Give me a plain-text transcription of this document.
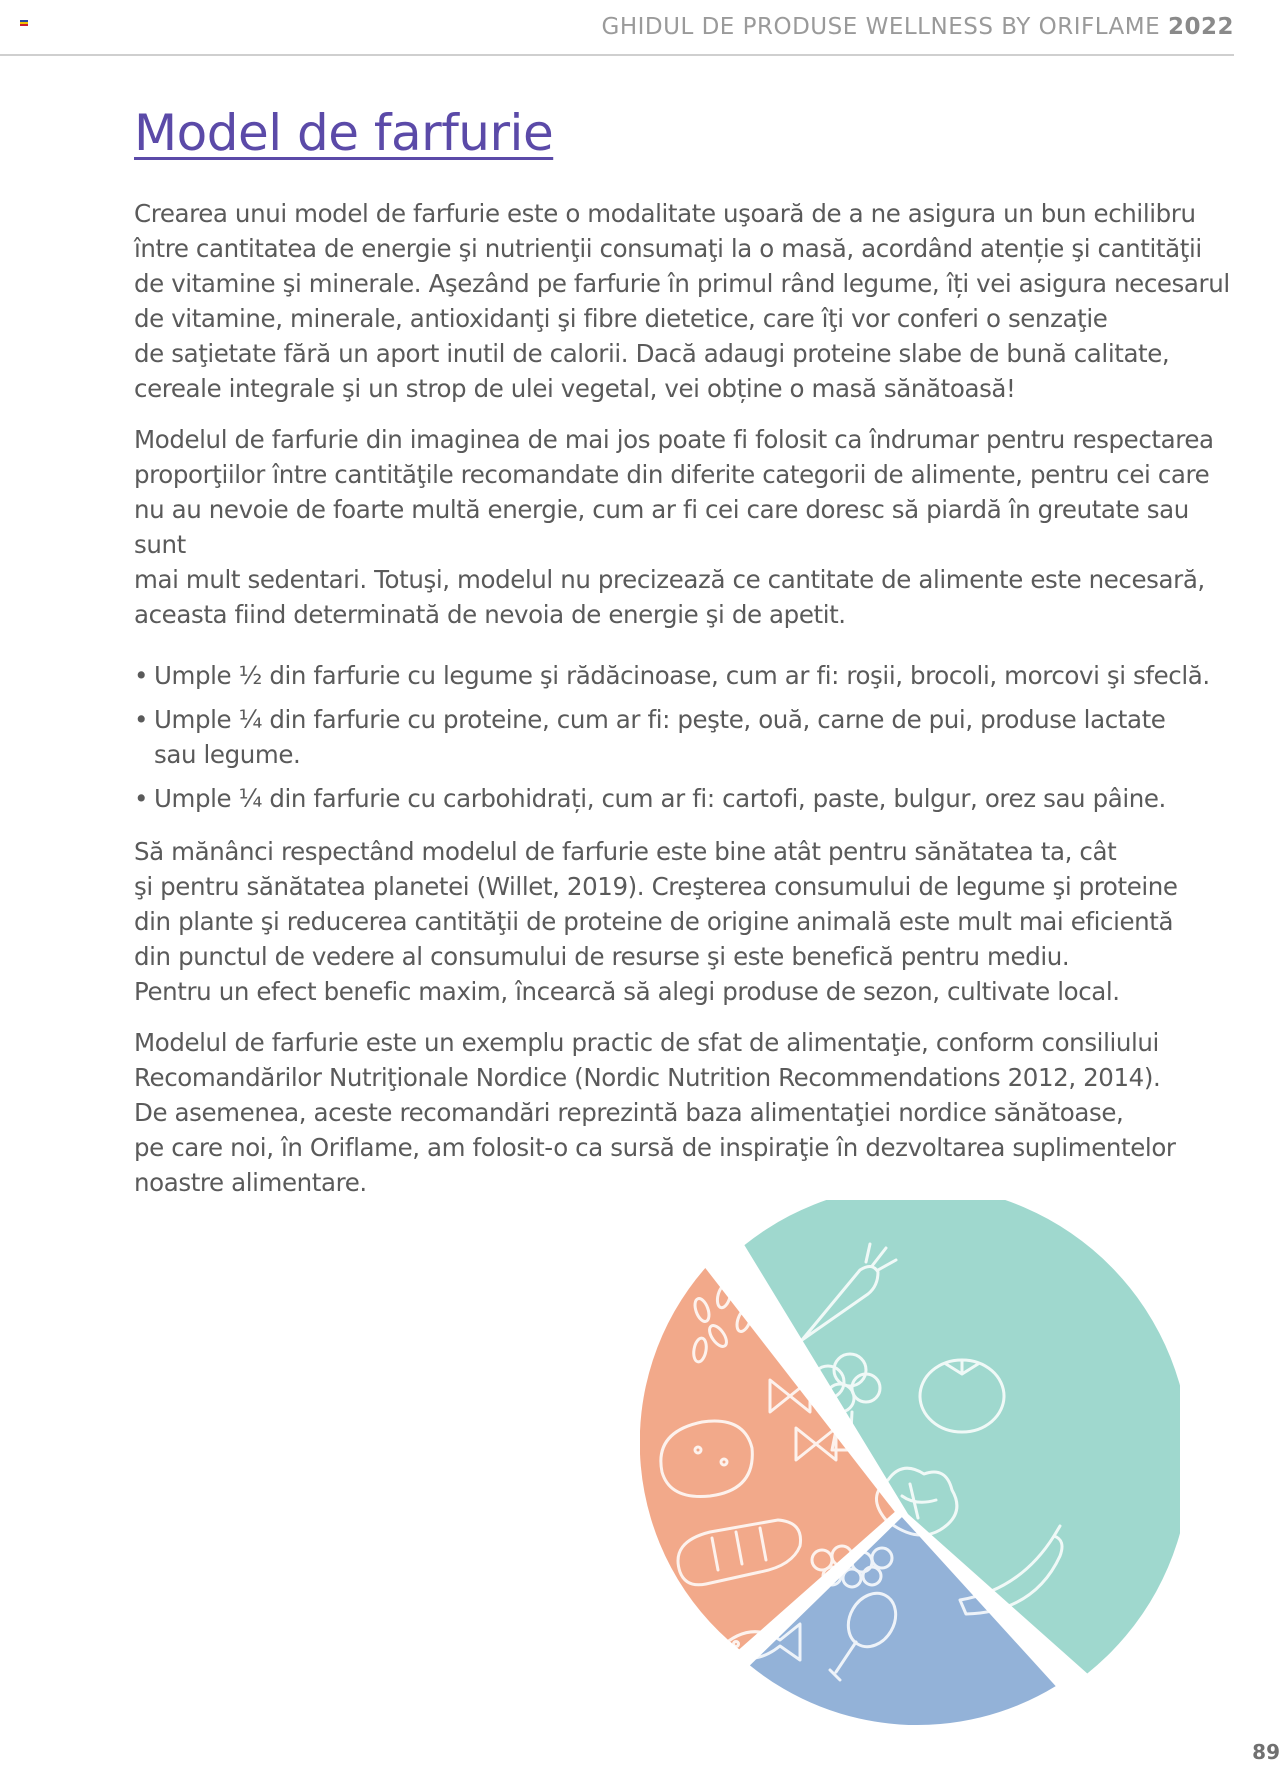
GHIDUL DE PRODUSE WELLNESS BY ORIFLAME 2022
Model de farfurie

Crearea unui model de farfurie este o modalitate uşoară de a ne asigura un bun echilibru
între cantitatea de energie şi nutrienţii consumaţi la o masă, acordând atenție şi cantităţii
de vitamine şi minerale. Aşezând pe farfurie în primul rând legume, îți vei asigura necesarul
de vitamine, minerale, antioxidanţi şi fibre dietetice, care îţi vor conferi o senzaţie
de saţietate fără un aport inutil de calorii. Dacă adaugi proteine slabe de bună calitate,
cereale integrale şi un strop de ulei vegetal, vei obține o masă sănătoasă!

Modelul de farfurie din imaginea de mai jos poate fi folosit ca îndrumar pentru respectarea
proporţiilor între cantităţile recomandate din diferite categorii de alimente, pentru cei care
nu au nevoie de foarte multă energie, cum ar fi cei care doresc să piardă în greutate sau sunt
mai mult sedentari. Totuşi, modelul nu precizează ce cantitate de alimente este necesară,
aceasta fiind determinată de nevoia de energie şi de apetit.

• Umple ½ din farfurie cu legume şi rădăcinoase, cum ar fi: roşii, brocoli, morcovi şi sfeclă.
• Umple ¼ din farfurie cu proteine, cum ar fi: peşte, ouă, carne de pui, produse lactate
sau legume.
• Umple ¼ din farfurie cu carbohidrați, cum ar fi: cartofi, paste, bulgur, orez sau pâine.

Să mănânci respectând modelul de farfurie este bine atât pentru sănătatea ta, cât
şi pentru sănătatea planetei (Willet, 2019). Creşterea consumului de legume şi proteine
din plante şi reducerea cantităţii de proteine de origine animală este mult mai eficientă
din punctul de vedere al consumului de resurse şi este benefică pentru mediu.
Pentru un efect benefic maxim, încearcă să alegi produse de sezon, cultivate local.

Modelul de farfurie este un exemplu practic de sfat de alimentaţie, conform consiliului
Recomandărilor Nutriţionale Nordice (Nordic Nutrition Recommendations 2012, 2014).
De asemenea, aceste recomandări reprezintă baza alimentaţiei nordice sănătoase,
pe care noi, în Oriflame, am folosit-o ca sursă de inspiraţie în dezvoltarea suplimentelor
noastre alimentare.

89
